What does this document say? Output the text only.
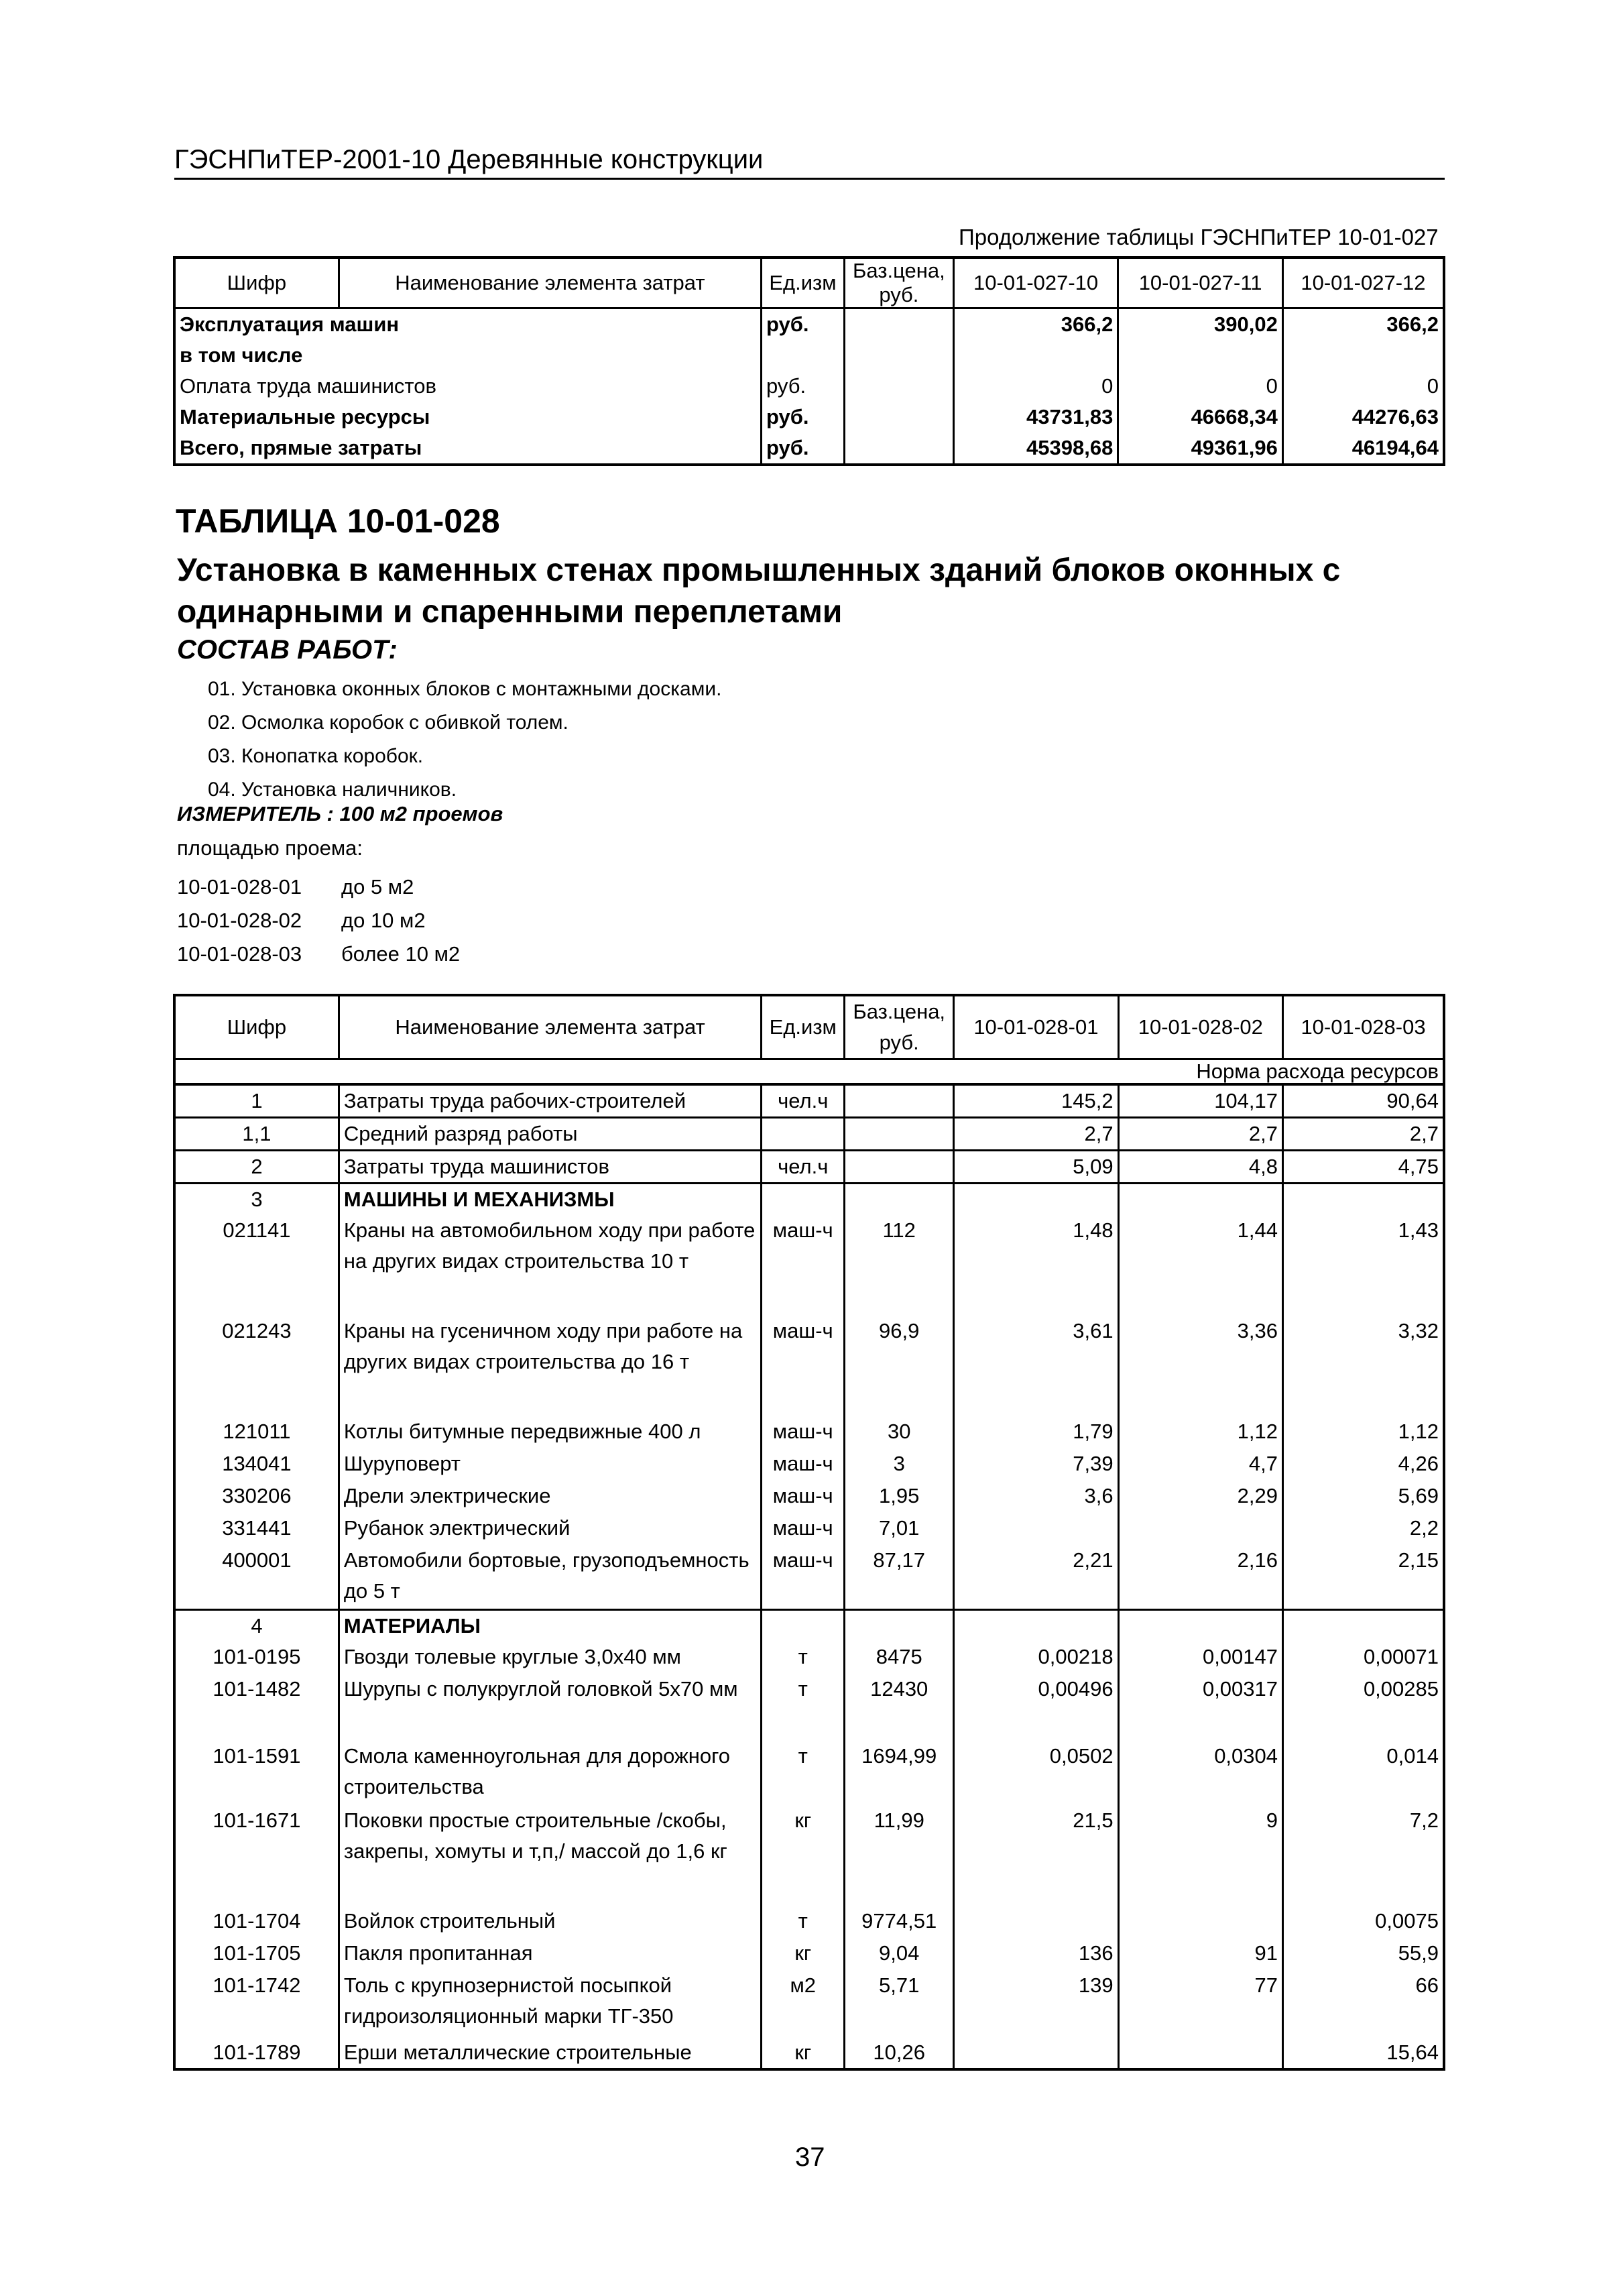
ГЭСНПиТЕР-2001-10 Деревянные конструкции
Продолжение таблицы ГЭСНПиТЕР 10-01-027
Шифр	Наименование элемента затрат	Ед.изм	Баз.цена, руб.	10-01-027-10	10-01-027-11	10-01-027-12
Эксплуатация машин		руб.		366,2	390,02	366,2
в том числе						
Оплата труда машинистов		руб.		0	0	0
Материальные ресурсы		руб.		43731,83	46668,34	44276,63
Всего, прямые затраты		руб.		45398,68	49361,96	46194,64
ТАБЛИЦА 10-01-028
Установка в каменных стенах промышленных зданий блоков оконных с одинарными и спаренными переплетами
СОСТАВ РАБОТ:
01. Установка оконных блоков с монтажными досками.
02. Осмолка коробок с обивкой толем.
03. Конопатка коробок.
04. Установка наличников.
ИЗМЕРИТЕЛЬ : 100 м2 проемов
площадью проема:
10-01-028-01 до 5 м2
10-01-028-02 до 10 м2
10-01-028-03 более 10 м2
Шифр	Наименование элемента затрат	Ед.изм	Баз.цена, руб.	10-01-028-01	10-01-028-02	10-01-028-03
Норма расхода ресурсов						
1	Затраты труда рабочих-строителей	чел.ч		145,2	104,17	90,64
1,1	Средний разряд работы			2,7	2,7	2,7
2	Затраты труда машинистов	чел.ч		5,09	4,8	4,75
3	МАШИНЫ И МЕХАНИЗМЫ					
021141	Краны на автомобильном ходу при работе на других видах строительства 10 т	маш-ч	112	1,48	1,44	1,43
021243	Краны на гусеничном ходу при работе на других видах строительства до 16 т	маш-ч	96,9	3,61	3,36	3,32
121011	Котлы битумные передвижные 400 л	маш-ч	30	1,79	1,12	1,12
134041	Шуруповерт	маш-ч	3	7,39	4,7	4,26
330206	Дрели электрические	маш-ч	1,95	3,6	2,29	5,69
331441	Рубанок электрический	маш-ч	7,01			2,2
400001	Автомобили бортовые, грузоподъемность до 5 т	маш-ч	87,17	2,21	2,16	2,15
4	МАТЕРИАЛЫ					
101-0195	Гвозди толевые круглые 3,0х40 мм	т	8475	0,00218	0,00147	0,00071
101-1482	Шурупы с полукруглой головкой 5х70 мм	т	12430	0,00496	0,00317	0,00285
101-1591	Смола каменноугольная для дорожного строительства	т	1694,99	0,0502	0,0304	0,014
101-1671	Поковки простые строительные /скобы, закрепы, хомуты и т,п,/ массой до 1,6 кг	кг	11,99	21,5	9	7,2
101-1704	Войлок строительный	т	9774,51			0,0075
101-1705	Пакля пропитанная	кг	9,04	136	91	55,9
101-1742	Толь с крупнозернистой посыпкой гидроизоляционный марки ТГ-350	м2	5,71	139	77	66
101-1789	Ерши металлические строительные	кг	10,26			15,64
37
